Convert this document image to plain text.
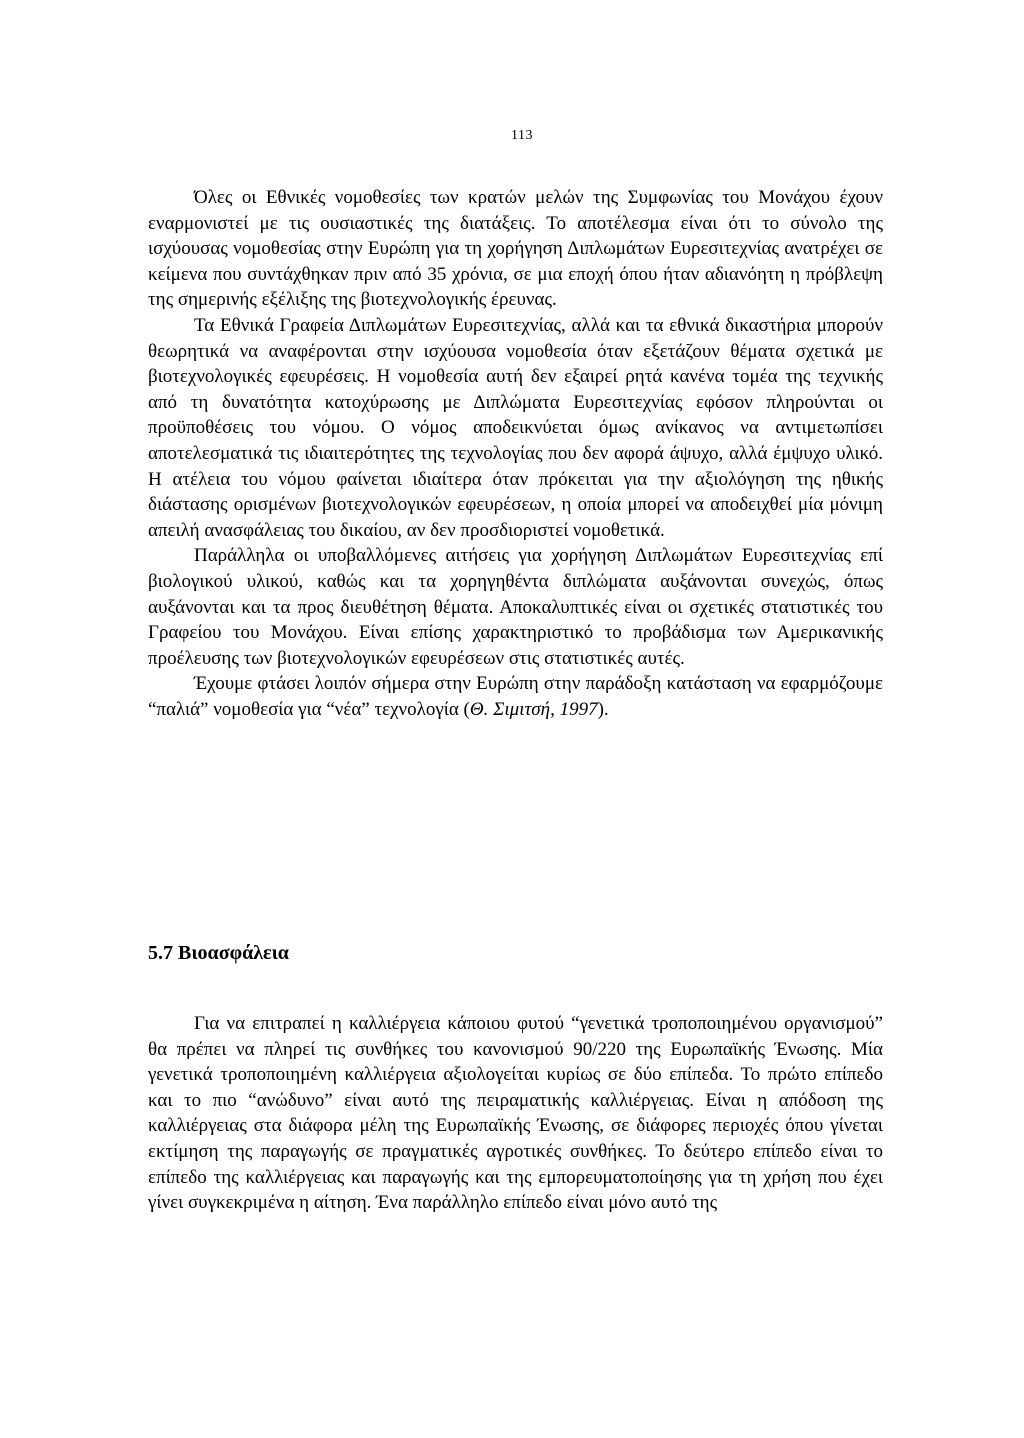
113

Όλες οι Εθνικές νομοθεσίες των κρατών μελών της Συμφωνίας του Μονάχου έχουν εναρμονιστεί με τις ουσιαστικές της διατάξεις. Το αποτέλεσμα είναι ότι το σύνολο της ισχύουσας νομοθεσίας στην Ευρώπη για τη χορήγηση Διπλωμάτων Ευρεσιτεχνίας ανατρέχει σε κείμενα που συντάχθηκαν πριν από 35 χρόνια, σε μια εποχή όπου ήταν αδιανόητη η πρόβλεψη της σημερινής εξέλιξης της βιοτεχνολογικής έρευνας.

Τα Εθνικά Γραφεία Διπλωμάτων Ευρεσιτεχνίας, αλλά και τα εθνικά δικαστήρια μπορούν θεωρητικά να αναφέρονται στην ισχύουσα νομοθεσία όταν εξετάζουν θέματα σχετικά με βιοτεχνολογικές εφευρέσεις. Η νομοθεσία αυτή δεν εξαιρεί ρητά κανένα τομέα της τεχνικής από τη δυνατότητα κατοχύρωσης με Διπλώματα Ευρεσιτεχνίας εφόσον πληρούνται οι προϋποθέσεις του νόμου. Ο νόμος αποδεικνύεται όμως ανίκανος να αντιμετωπίσει αποτελεσματικά τις ιδιαιτερότητες της τεχνολογίας που δεν αφορά άψυχο, αλλά έμψυχο υλικό. Η ατέλεια του νόμου φαίνεται ιδιαίτερα όταν πρόκειται για την αξιολόγηση της ηθικής διάστασης ορισμένων βιοτεχνολογικών εφευρέσεων, η οποία μπορεί να αποδειχθεί μία μόνιμη απειλή ανασφάλειας του δικαίου, αν δεν προσδιοριστεί νομοθετικά.

Παράλληλα οι υποβαλλόμενες αιτήσεις για χορήγηση Διπλωμάτων Ευρεσιτεχνίας επί βιολογικού υλικού, καθώς και τα χορηγηθέντα διπλώματα αυξάνονται συνεχώς, όπως αυξάνονται και τα προς διευθέτηση θέματα. Αποκαλυπτικές είναι οι σχετικές στατιστικές του Γραφείου του Μονάχου. Είναι επίσης χαρακτηριστικό το προβάδισμα των Αμερικανικής προέλευσης των βιοτεχνολογικών εφευρέσεων στις στατιστικές αυτές.

Έχουμε φτάσει λοιπόν σήμερα στην Ευρώπη στην παράδοξη κατάσταση να εφαρμόζουμε “παλιά” νομοθεσία για “νέα” τεχνολογία (Θ. Σιμιτσή, 1997).

5.7 Βιοασφάλεια

Για να επιτραπεί η καλλιέργεια κάποιου φυτού “γενετικά τροποποιημένου οργανισμού” θα πρέπει να πληρεί τις συνθήκες του κανονισμού 90/220 της Ευρωπαϊκής Ένωσης. Μία γενετικά τροποποιημένη καλλιέργεια αξιολογείται κυρίως σε δύο επίπεδα. Το πρώτο επίπεδο και το πιο “ανώδυνο” είναι αυτό της πειραματικής καλλιέργειας. Είναι η απόδοση της καλλιέργειας στα διάφορα μέλη της Ευρωπαϊκής Ένωσης, σε διάφορες περιοχές όπου γίνεται εκτίμηση της παραγωγής σε πραγματικές αγροτικές συνθήκες. Το δεύτερο επίπεδο είναι το επίπεδο της καλλιέργειας και παραγωγής και της εμπορευματοποίησης για τη χρήση που έχει γίνει συγκεκριμένα η αίτηση. Ένα παράλληλο επίπεδο είναι μόνο αυτό της
